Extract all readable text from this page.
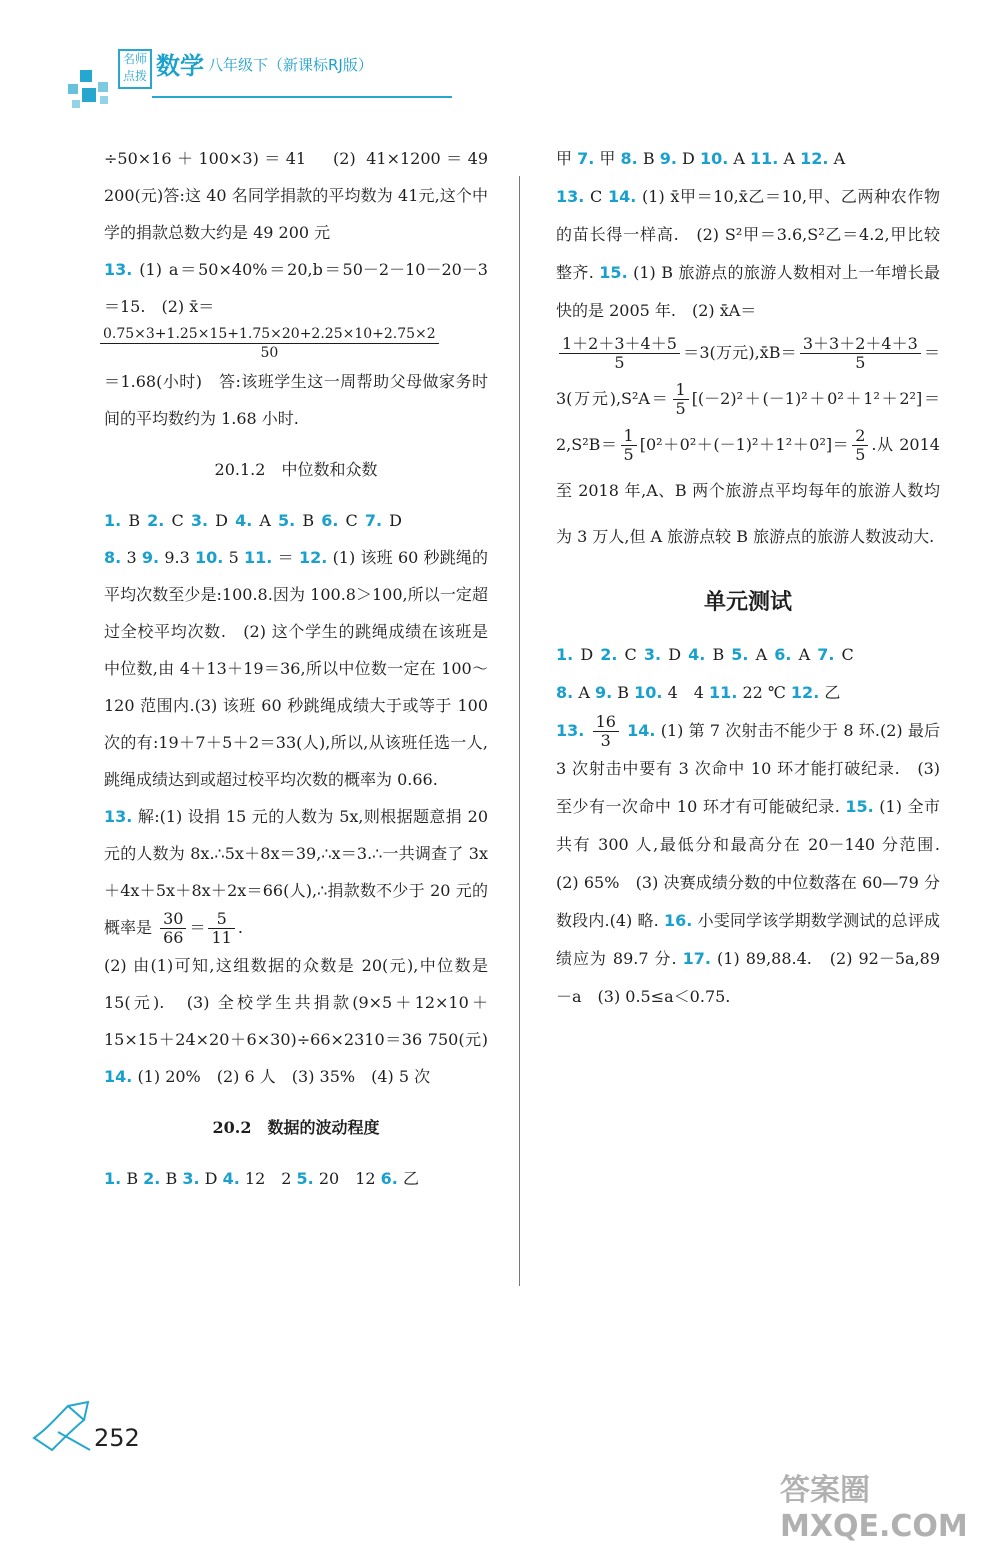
名师
点拨 数学 八年级下（新课标RJ版）

÷50×16＋100×3)＝41　(2) 41×1200＝49 200(元)答:这 40 名同学捐款的平均数为 41元,这个中学的捐款总数大约是 49 200 元

13. (1) a＝50×40%＝20,b＝50－2－10－20－3＝15.　(2) x̄＝

$\frac{0.75\times 3+1.25\times 15+1.75\times 20+2.25\times 10+2.75\times 2}{50}$

＝1.68(小时)　答:该班学生这一周帮助父母做家务时间的平均数约为 1.68 小时.

20.1.2　中位数和众数

1. B 2. C 3. D 4. A 5. B 6. C 7. D

8. 3 9. 9.3 10. 5 11. ＝ 12. (1) 该班 60 秒跳绳的平均次数至少是:100.8.因为 100.8＞100,所以一定超过全校平均次数.　(2) 这个学生的跳绳成绩在该班是中位数,由 4＋13＋19＝36,所以中位数一定在 100～120 范围内.(3) 该班 60 秒跳绳成绩大于或等于 100 次的有:19＋7＋5＋2＝33(人),所以,从该班任选一人,跳绳成绩达到或超过校平均次数的概率为 0.66.

13. 解:(1) 设捐 15 元的人数为 5x,则根据题意捐 20 元的人数为 8x.∴5x＋8x＝39,∴x＝3.∴一共调查了 3x＋4x＋5x＋8x＋2x＝66(人),∴捐款数不少于 20 元的概率是 $\frac{30}{66} = \frac{5}{11}$ .

(2) 由(1)可知,这组数据的众数是 20(元),中位数是 15(元).　(3) 全校学生共捐款(9×5＋12×10＋15×15＋24×20＋6×30)÷66×2310＝36 750(元) 14. (1) 20%　(2) 6 人　(3) 35%　(4) 5 次

20.2　数据的波动程度

1. B 2. B 3. D 4. 12　2 5. 20　12 6. 乙

甲 7. 甲 8. B 9. D 10. A 11. A 12. A

13. C 14. (1) x̄甲＝10,x̄乙＝10,甲、乙两种农作物的苗长得一样高.　(2) S²甲＝3.6,S²乙＝4.2,甲比较整齐. 15. (1) B 旅游点的旅游人数相对上一年增长最快的是 2005 年.　(2) x̄A＝

$\frac{1+2+3+4+5}{5} =3$(万元),x̄B＝ $\frac{3+3+2+4+3}{5} =3$(万元)$,S^2A= \frac{1}{5} [(-2)^2+(-1)^2+0^2+1^2+2^2]=2,S^2B= \frac{1}{5} [0^2+0^2+(-1)^2+1^2+0^2]= \frac{2}{5}$ .从 2014 至 2018 年,A、B 两个旅游点平均每年的旅游人数均为 3 万人,但 A 旅游点较 B 旅游点的旅游人数波动大.

单元测试

1. D 2. C 3. D 4. B 5. A 6. A 7. C

8. A 9. B 10. 4　4 11. 22 ℃ 12. 乙

13. $\frac{16}{3} 14$. (1) 第 7 次射击不能少于 8 环.(2) 最后 3 次射击中要有 3 次命中 10 环才能打破纪录.　(3) 至少有一次命中 10 环才有可能破纪录. 15. (1) 全市共有 300 人,最低分和最高分在 20－140 分范围.　(2) 65%　(3) 决赛成绩分数的中位数落在 60—79 分数段内.(4) 略. 16. 小雯同学该学期数学测试的总评成绩应为 89.7 分. 17. (1) 89,88.4.　(2) 92－5a,89－a　(3) 0.5≤a＜0.75.

252
答案圈 MXQE.COM
